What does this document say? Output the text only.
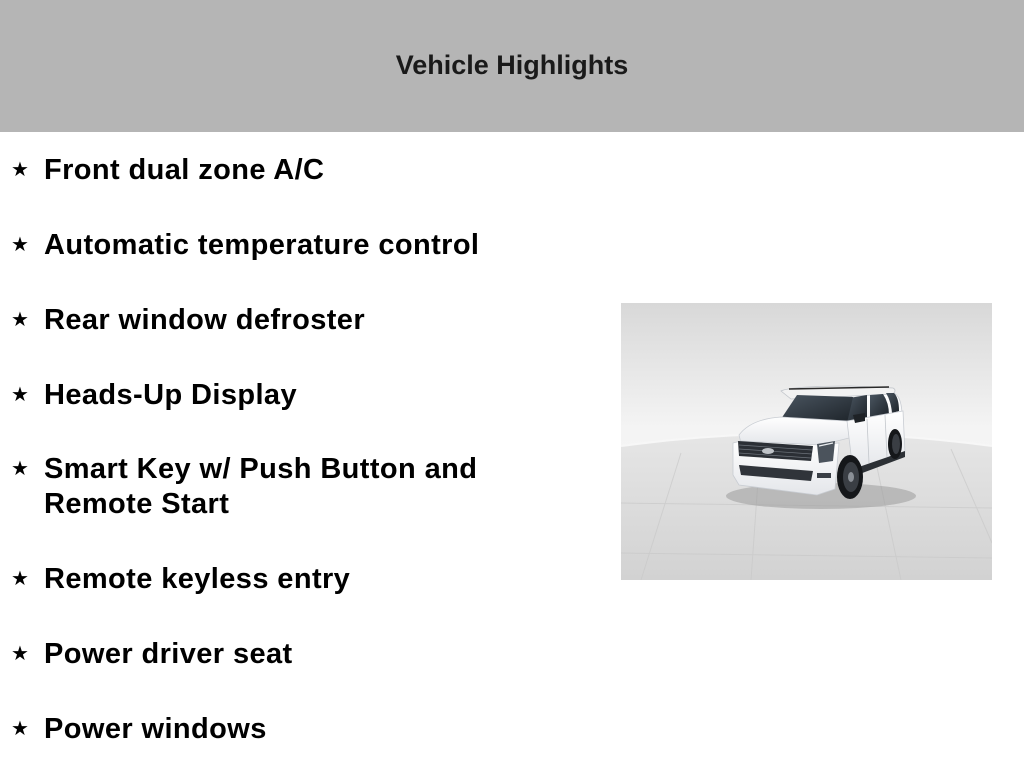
Vehicle Highlights
★ Front dual zone A/C
★ Automatic temperature control
★ Rear window defroster
★ Heads-Up Display
★ Smart Key w/ Push Button and Remote Start
★ Remote keyless entry
★ Power driver seat
★ Power windows
